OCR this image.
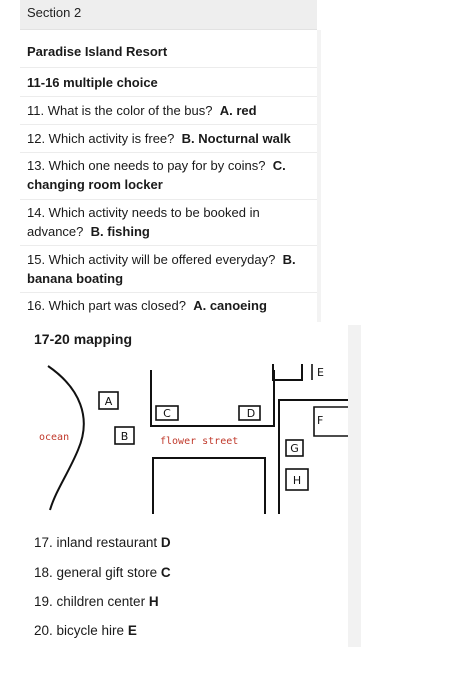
Section 2
Paradise Island Resort
11-16 multiple choice
11. What is the color of the bus? A. red
12. Which activity is free? B. Nocturnal walk
13. Which one needs to pay for by coins? C. changing room locker
14. Which activity needs to be booked in advance? B. fishing
15. Which activity will be offered everyday? B. banana boating
16. Which part was closed? A. canoeing
17-20 mapping
ocean
A
B
C	D
flower street
E
F
G
H
17. inland restaurant D
18. general gift store C
19. children center H
20. bicycle hire E
